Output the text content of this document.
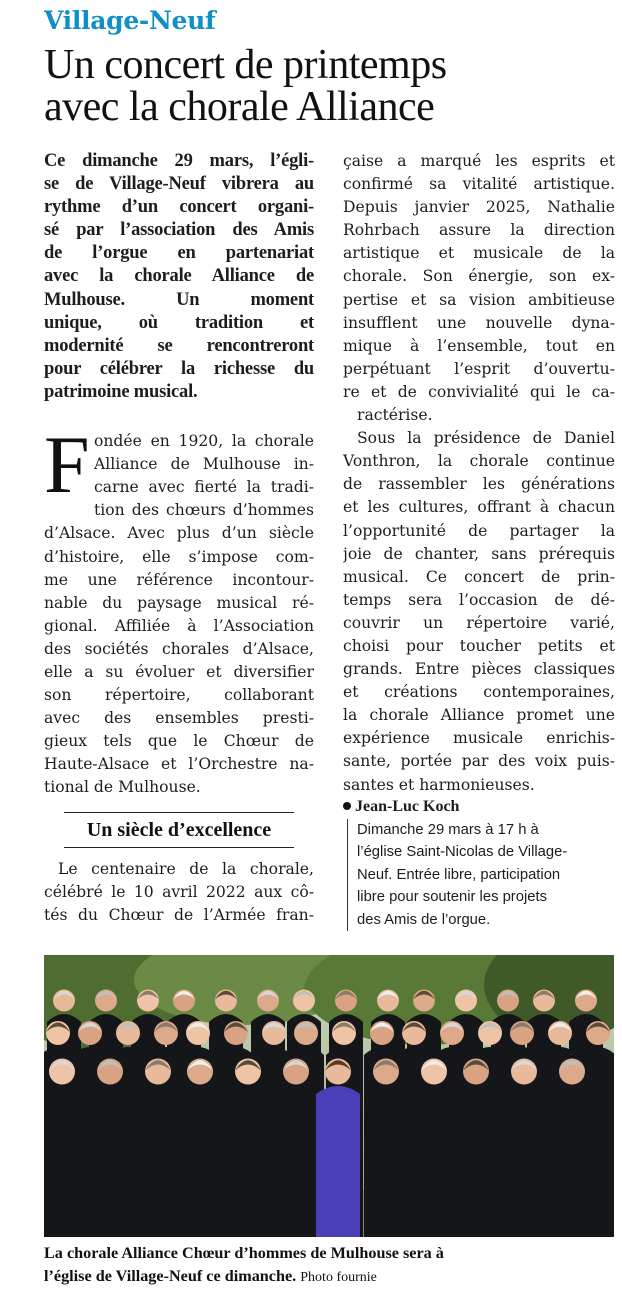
Village-Neuf
Un concert de printemps
avec la chorale Alliance
Ce dimanche 29 mars, l’égli-
se de Village-Neuf vibrera au
rythme d’un concert organi-
sé par l’association des Amis
de l’orgue en partenariat
avec la chorale Alliance de
Mulhouse. Un moment
unique, où tradition et
modernité se rencontreront
pour célébrer la richesse du
patrimoine musical.
F ondée en 1920, la chorale
Alliance de Mulhouse in-
carne avec fierté la tradi-
tion des chœurs d’hommes
d’Alsace. Avec plus d’un siècle
d’histoire, elle s’impose com-
me une référence incontour-
nable du paysage musical ré-
gional. Affiliée à l’Association
des sociétés chorales d’Alsace,
elle a su évoluer et diversifier
son répertoire, collaborant
avec des ensembles presti-
gieux tels que le Chœur de
Haute-Alsace et l’Orchestre na-
tional de Mulhouse.
Un siècle d’excellence
Le centenaire de la chorale,
célébré le 10 avril 2022 aux cô-
tés du Chœur de l’Armée fran-
çaise a marqué les esprits et
confirmé sa vitalité artistique.
Depuis janvier 2025, Nathalie
Rohrbach assure la direction
artistique et musicale de la
chorale. Son énergie, son ex-
pertise et sa vision ambitieuse
insufflent une nouvelle dyna-
mique à l’ensemble, tout en
perpétuant l’esprit d’ouvertu-
re et de convivialité qui le ca-
ractérise.
Sous la présidence de Daniel
Vonthron, la chorale continue
de rassembler les générations
et les cultures, offrant à chacun
l’opportunité de partager la
joie de chanter, sans prérequis
musical. Ce concert de prin-
temps sera l’occasion de dé-
couvrir un répertoire varié,
choisi pour toucher petits et
grands. Entre pièces classiques
et créations contemporaines,
la chorale Alliance promet une
expérience musicale enrichis-
sante, portée par des voix puis-
santes et harmonieuses.
Jean-Luc Koch
Dimanche 29 mars à 17 h à
l’église Saint-Nicolas de Village-
Neuf. Entrée libre, participation
libre pour soutenir les projets
des Amis de l’orgue.
La chorale Alliance Chœur d’hommes de Mulhouse sera à
l’église de Village-Neuf ce dimanche. Photo fournie
